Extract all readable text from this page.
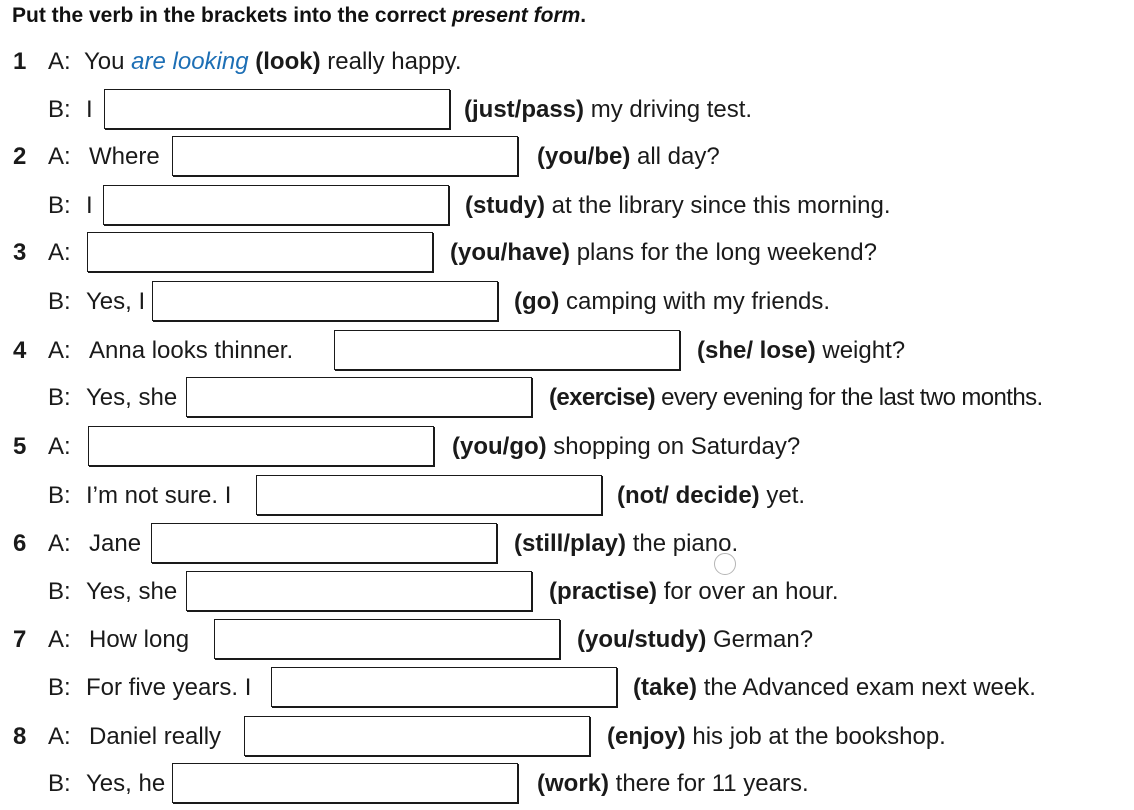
Put the verb in the brackets into the correct present form.
1 A: You are looking (look) really happy.
B: I	(just/pass) my driving test.
2 A: Where	(you/be) all day?
B: I	(study) at the library since this morning.
3 A:	(you/have) plans for the long weekend?
B: Yes, I	(go) camping with my friends.
4 A: Anna looks thinner.	(she/ lose) weight?
B: Yes, she	(exercise) every evening for the last two months.
5 A:	(you/go) shopping on Saturday?
B: I’m not sure. I	(not/ decide) yet.
6 A: Jane	(still/play) the piano.
B: Yes, she	(practise) for over an hour.
7 A: How long	(you/study) German?
B: For five years. I	(take) the Advanced exam next week.
8 A: Daniel really	(enjoy) his job at the bookshop.
B: Yes, he	(work) there for 11 years.
